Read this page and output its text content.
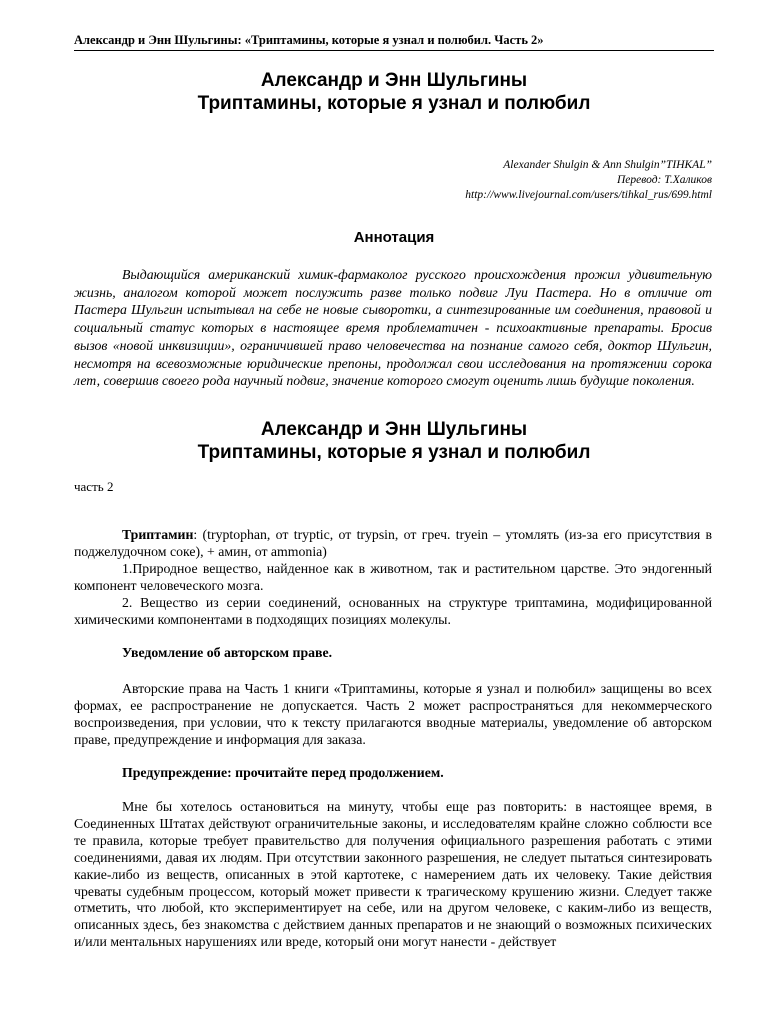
Александр и Энн Шульгины: «Триптамины, которые я узнал и полюбил. Часть 2»
Александр и Энн Шульгины
Триптамины, которые я узнал и полюбил
Alexander Shulgin & Ann Shulgin”TIHKAL”
Перевод: Т.Халиков
http://www.livejournal.com/users/tihkal_rus/699.html
Аннотация
Выдающийся американский химик-фармаколог русского происхождения прожил удивительную жизнь, аналогом которой может послужить разве только подвиг Луи Пастера. Но в отличие от Пастера Шульгин испытывал на себе не новые сыворотки, а синтезированные им соединения, правовой и социальный статус которых в настоящее время проблематичен - психоактивные препараты. Бросив вызов «новой инквизиции», ограничившей право человечества на познание самого себя, доктор Шульгин, несмотря на всевозможные юридические препоны, продолжал свои исследования на протяжении сорока лет, совершив своего рода научный подвиг, значение которого смогут оценить лишь будущие поколения.
Александр и Энн Шульгины
Триптамины, которые я узнал и полюбил
часть 2

Триптамин: (tryptophan, от tryptic, от trypsin, от греч. tryein – утомлять (из-за его присутствия в поджелудочном соке), + амин, от ammonia)

1.Природное вещество, найденное как в животном, так и растительном царстве. Это эндогенный компонент человеческого мозга.

2. Вещество из серии соединений, основанных на структуре триптамина, модифицированной химическими компонентами в подходящих позициях молекулы.

Уведомление об авторском праве.

Авторские права на Часть 1 книги «Триптамины, которые я узнал и полюбил» защищены во всех формах, ее распространение не допускается. Часть 2 может распространяться для некоммерческого воспроизведения, при условии, что к тексту прилагаются вводные материалы, уведомление об авторском праве, предупреждение и информация для заказа.

Предупреждение: прочитайте перед продолжением.

Мне бы хотелось остановиться на минуту, чтобы еще раз повторить: в настоящее время, в Соединенных Штатах действуют ограничительные законы, и исследователям крайне сложно соблюсти все те правила, которые требует правительство для получения официального разрешения работать с этими соединениями, давая их людям. При отсутствии законного разрешения, не следует пытаться синтезировать какие-либо из веществ, описанных в этой картотеке, с намерением дать их человеку. Такие действия чреваты судебным процессом, который может привести к трагическому крушению жизни. Следует также отметить, что любой, кто экспериментирует на себе, или на другом человеке, с каким-либо из веществ, описанных здесь, без знакомства с действием данных препаратов и не знающий о возможных психических и/или ментальных нарушениях или вреде, который они могут нанести - действует
